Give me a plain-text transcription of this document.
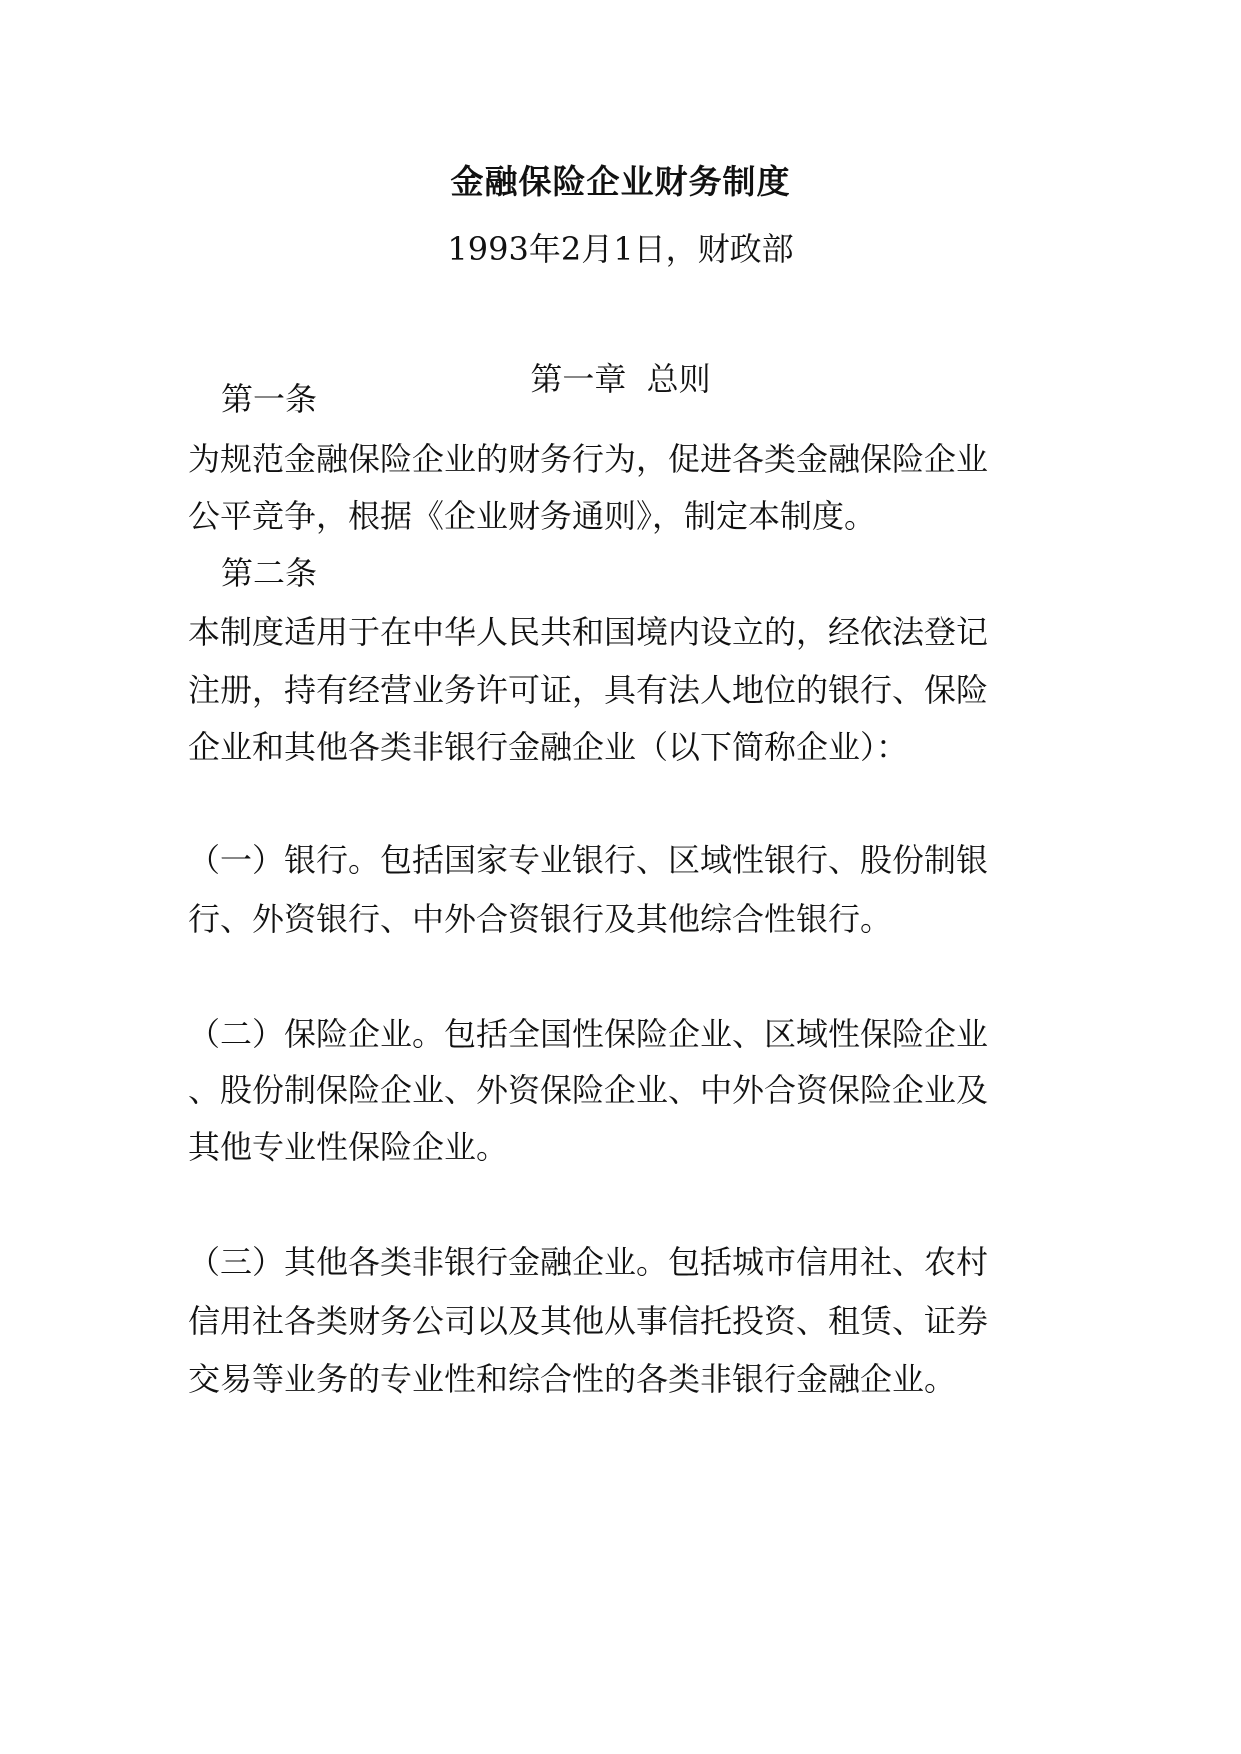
金融保险企业财务制度
1993年2月1日，财政部
第一章  总则
第一条
为规范金融保险企业的财务行为，促进各类金融保险企业
公平竞争，根据《企业财务通则》，制定本制度。
第二条
本制度适用于在中华人民共和国境内设立的，经依法登记
注册，持有经营业务许可证，具有法人地位的银行、保险
企业和其他各类非银行金融企业（以下简称企业）：
（一）银行。包括国家专业银行、区域性银行、股份制银
行、外资银行、中外合资银行及其他综合性银行。
（二）保险企业。包括全国性保险企业、区域性保险企业
、股份制保险企业、外资保险企业、中外合资保险企业及
其他专业性保险企业。
（三）其他各类非银行金融企业。包括城市信用社、农村
信用社各类财务公司以及其他从事信托投资、租赁、证券
交易等业务的专业性和综合性的各类非银行金融企业。
